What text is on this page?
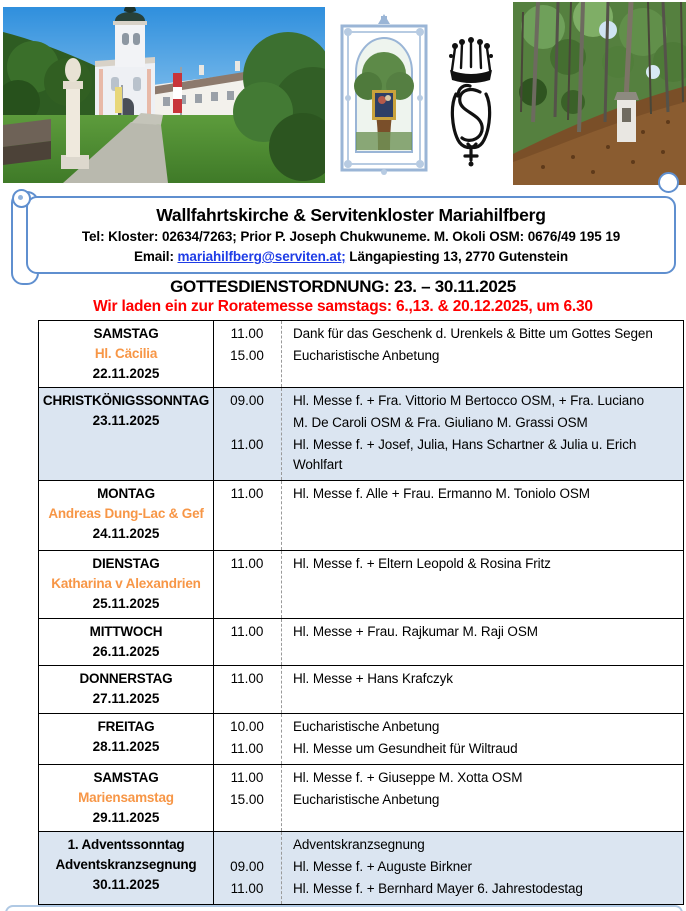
Wallfahrtskirche & Servitenkloster Mariahilfberg
Tel: Kloster: 02634/7263; Prior P. Joseph Chukwuneme. M. Okoli OSM: 0676/49 195 19
Email: mariahilfberg@serviten.at; Längapiesting 13, 2770 Gutenstein
GOTTESDIENSTORDNUNG: 23. – 30.11.2025
Wir laden ein zur Roratemesse samstags: 6.,13. & 20.12.2025, um 6.30
SAMSTAG
Hl. Cäcilia
22.11.2025
11.00	Dank für das Geschenk d. Urenkels & Bitte um Gottes Segen
15.00	Eucharistische Anbetung
CHRISTKÖNIGSSONNTAG
23.11.2025
09.00	Hl. Messe f. + Fra. Vittorio M Bertocco OSM, + Fra. Luciano

M. De Caroli OSM & Fra. Giuliano M. Grassi OSM
11.00	Hl. Messe f. + Josef, Julia, Hans Schartner & Julia u. Erich Wohlfart
MONTAG
Andreas Dung-Lac & Gef
24.11.2025
11.00	Hl. Messe f. Alle + Frau. Ermanno M. Toniolo OSM
DIENSTAG
Katharina v Alexandrien
25.11.2025
11.00	Hl. Messe f. + Eltern Leopold & Rosina Fritz
MITTWOCH
26.11.2025
11.00	Hl. Messe + Frau. Rajkumar M. Raji OSM
DONNERSTAG
27.11.2025
11.00	Hl. Messe + Hans Krafczyk
FREITAG
28.11.2025
10.00	Eucharistische Anbetung
11.00	Hl. Messe um Gesundheit für Wiltraud
SAMSTAG
Mariensamstag
29.11.2025
11.00	Hl. Messe f. + Giuseppe M. Xotta OSM
15.00	Eucharistische Anbetung
1. Adventssonntag
Adventskranzsegnung
30.11.2025

Adventskranzsegnung
09.00	Hl. Messe f. + Auguste Birkner
11.00	Hl. Messe f. + Bernhard Mayer 6. Jahrestodestag
